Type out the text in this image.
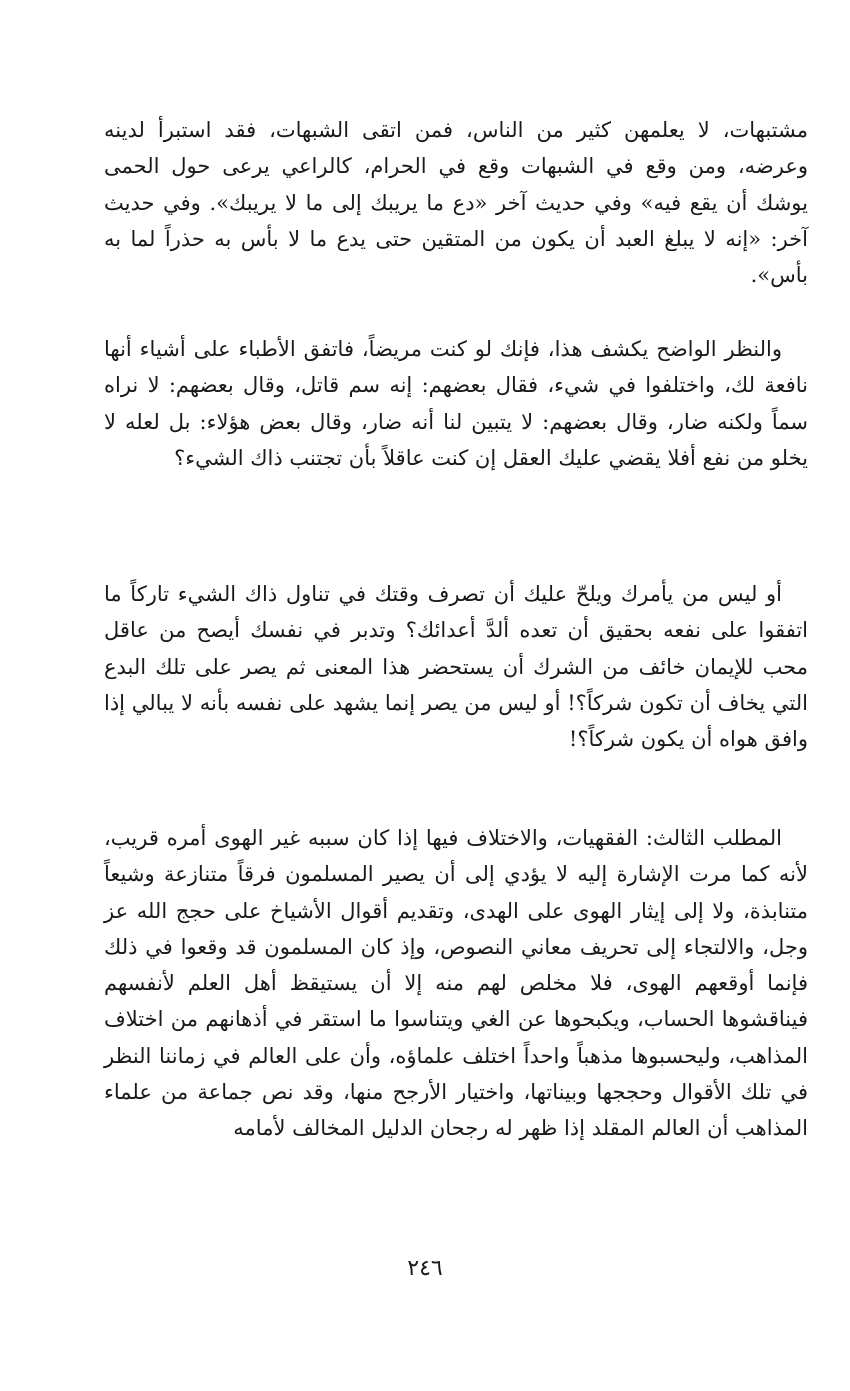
مشتبهات، لا يعلمهن كثير من الناس، فمن اتقى الشبهات، فقد استبرأ لدينه وعرضه، ومن وقع في الشبهات وقع في الحرام، كالراعي يرعى حول الحمى يوشك أن يقع فيه» وفي حديث آخر «دع ما يريبك إلى ما لا يريبك». وفي حديث آخر: «إنه لا يبلغ العبد أن يكون من المتقين حتى يدع ما لا بأس به حذراً لما به بأس».

والنظر الواضح يكشف هذا، فإنك لو كنت مريضاً، فاتفق الأطباء على أشياء أنها نافعة لك، واختلفوا في شيء، فقال بعضهم: إنه سم قاتل، وقال بعضهم: لا نراه سماً ولكنه ضار، وقال بعضهم: لا يتبين لنا أنه ضار، وقال بعض هؤلاء: بل لعله لا يخلو من نفع أفلا يقضي عليك العقل إن كنت عاقلاً بأن تجتنب ذاك الشيء؟

أو ليس من يأمرك ويلحّ عليك أن تصرف وقتك في تناول ذاك الشيء تاركاً ما اتفقوا على نفعه بحقيق أن تعده ألدَّ أعدائك؟ وتدبر في نفسك أيصح من عاقل محب للإيمان خائف من الشرك أن يستحضر هذا المعنى ثم يصر على تلك البدع التي يخاف أن تكون شركاً؟! أو ليس من يصر إنما يشهد على نفسه بأنه لا يبالي إذا وافق هواه أن يكون شركاً؟!

المطلب الثالث: الفقهيات، والاختلاف فيها إذا كان سببه غير الهوى أمره قريب، لأنه كما مرت الإشارة إليه لا يؤدي إلى أن يصير المسلمون فرقاً متنازعة وشيعاً متنابذة، ولا إلى إيثار الهوى على الهدى، وتقديم أقوال الأشياخ على حجج الله عز وجل، والالتجاء إلى تحريف معاني النصوص، وإذ كان المسلمون قد وقعوا في ذلك فإنما أوقعهم الهوى، فلا مخلص لهم منه إلا أن يستيقظ أهل العلم لأنفسهم فيناقشوها الحساب، ويكبحوها عن الغي ويتناسوا ما استقر في أذهانهم من اختلاف المذاهب، وليحسبوها مذهباً واحداً اختلف علماؤه، وأن على العالم في زماننا النظر في تلك الأقوال وحججها وبيناتها، واختيار الأرجح منها، وقد نص جماعة من علماء المذاهب أن العالم المقلد إذا ظهر له رجحان الدليل المخالف لأمامه

٢٤٦
